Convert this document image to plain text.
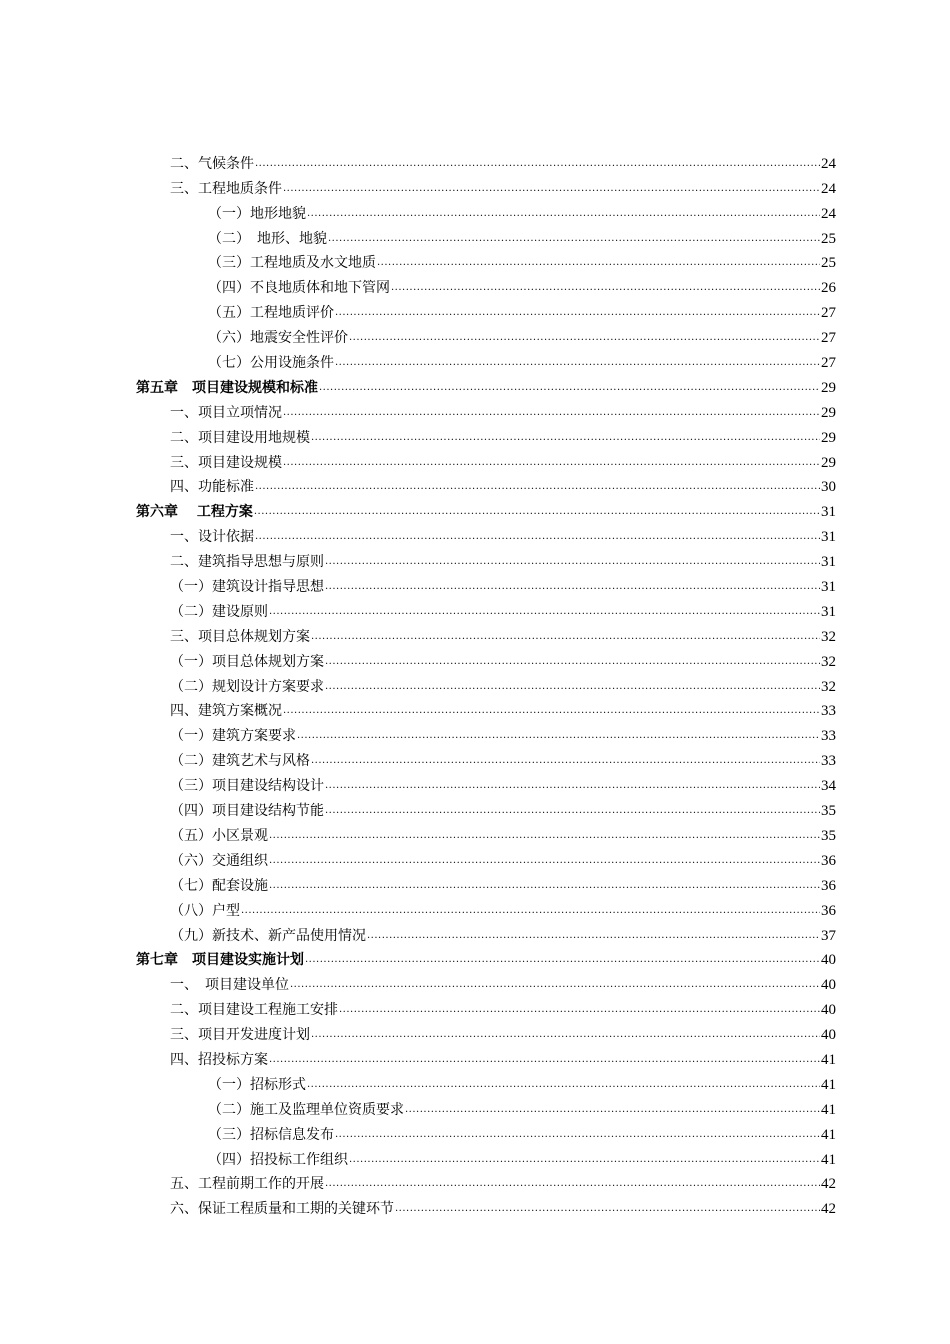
二、气候条件 .....	24
三、工程地质条件 .....	24
（一）地形地貌 .....	24
（二）　地形、地貌 .....	25
（三）工程地质及水文地质 .....	25
（四）不良地质体和地下管网 .....	26
（五）工程地质评价 .....	27
（六）地震安全性评价 .....	27
（七）公用设施条件 .....	27
第五章　项目建设规模和标准 .....	29
一、项目立项情况 .....	29
二、项目建设用地规模 .....	29
三、项目建设规模 .....	29
四、功能标准 .....	30
第六章　 工程方案 .....	31
一、设计依据 .....	31
二、建筑指导思想与原则 .....	31
（一）建筑设计指导思想 .....	31
（二）建设原则 .....	31
三、项目总体规划方案 .....	32
（一）项目总体规划方案 .....	32
（二）规划设计方案要求 .....	32
四、建筑方案概况 .....	33
（一）建筑方案要求 .....	33
（二）建筑艺术与风格 .....	33
（三）项目建设结构设计 .....	34
（四）项目建设结构节能 .....	35
（五）小区景观 .....	35
（六）交通组织 .....	36
（七）配套设施 .....	36
（八）户型 .....	36
（九）新技术、新产品使用情况 .....	37
第七章　项目建设实施计划 .....	40
一、　项目建设单位 .....	40
二、项目建设工程施工安排 .....	40
三、项目开发进度计划 .....	40
四、招投标方案 .....	41
（一）招标形式 .....	41
（二）施工及监理单位资质要求 .....	41
（三）招标信息发布 .....	41
（四）招投标工作组织 .....	41
五、工程前期工作的开展 .....	42
六、保证工程质量和工期的关键环节 .....	42
